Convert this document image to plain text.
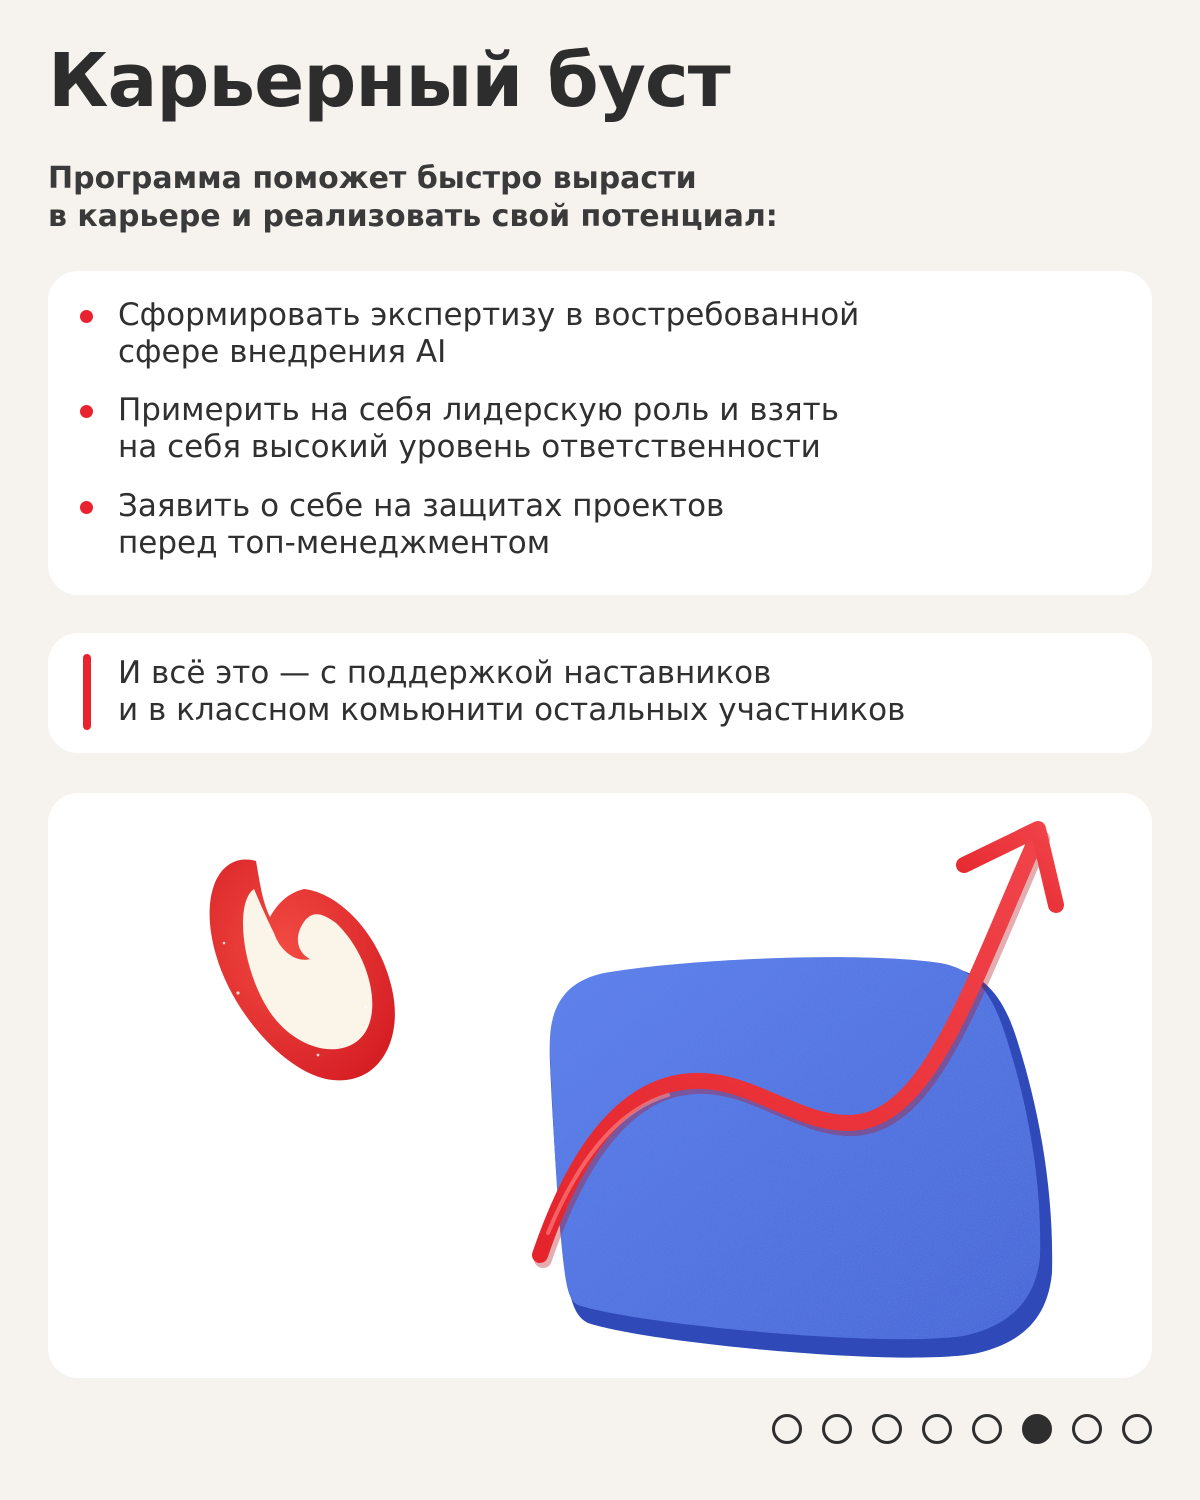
Карьерный буст
Программа поможет быстро вырасти
в карьере и реализовать свой потенциал:
Сформировать экспертизу в востребованной
сфере внедрения AI
Примерить на себя лидерскую роль и взять
на себя высокий уровень ответственности
Заявить о себе на защитах проектов
перед топ-менеджментом
И всё это — с поддержкой наставников
и в классном комьюнити остальных участников
